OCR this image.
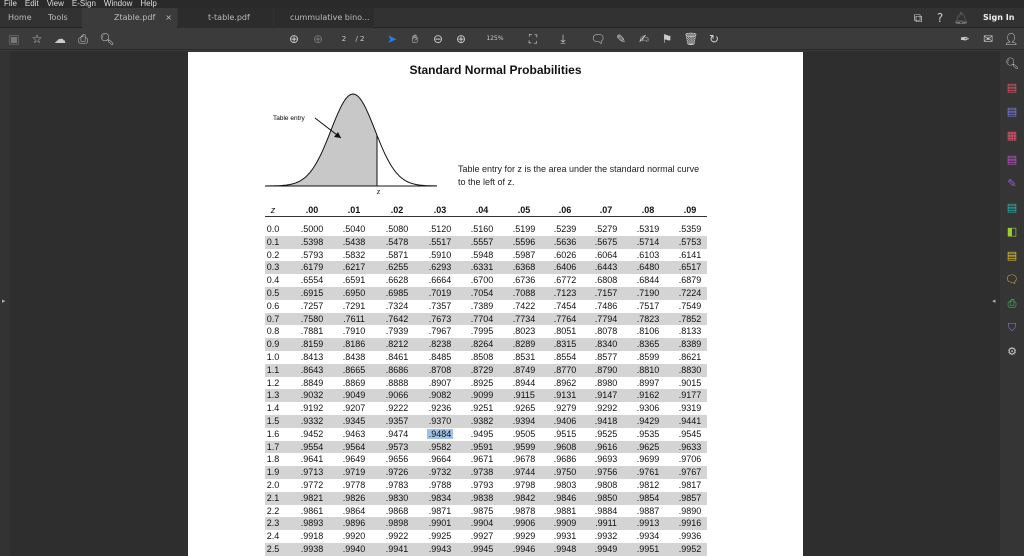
File Edit View E-Sign Window Help
Home Tools	Ztable.pdf ×	t-table.pdf	cummulative bino...	⧉	? 🔔︎ Sign In
▣ ☆ ☁ ⎙ 🔍︎	⊕ ⊕	2	/ 2 ➤	✋︎	⊖ ⊕	125%	⛶	⤓	🗨︎ ✎ ✍︎ ⚑ 🗑︎ ↻	✒ ✉ 👤︎
▸	◂
🔍︎
▤
▤
▦
▤
✎
▤
◧
▤
🗨︎
⎙
⛉
⚙
Standard Normal Probabilities
Table entry
z
Table entry for z is the area under the standard normal curve
to the left of z.
z	.00	.01	.02	.03	.04	.05	.06	.07	.08	.09
0.0	.5000	.5040	.5080	.5120	.5160	.5199	.5239	.5279	.5319	.5359
0.1	.5398	.5438	.5478	.5517	.5557	.5596	.5636	.5675	.5714	.5753
0.2	.5793	.5832	.5871	.5910	.5948	.5987	.6026	.6064	.6103	.6141
0.3	.6179	.6217	.6255	.6293	.6331	.6368	.6406	.6443	.6480	.6517
0.4	.6554	.6591	.6628	.6664	.6700	.6736	.6772	.6808	.6844	.6879
0.5	.6915	.6950	.6985	.7019	.7054	.7088	.7123	.7157	.7190	.7224
0.6	.7257	.7291	.7324	.7357	.7389	.7422	.7454	.7486	.7517	.7549
0.7	.7580	.7611	.7642	.7673	.7704	.7734	.7764	.7794	.7823	.7852
0.8	.7881	.7910	.7939	.7967	.7995	.8023	.8051	.8078	.8106	.8133
0.9	.8159	.8186	.8212	.8238	.8264	.8289	.8315	.8340	.8365	.8389
1.0	.8413	.8438	.8461	.8485	.8508	.8531	.8554	.8577	.8599	.8621
1.1	.8643	.8665	.8686	.8708	.8729	.8749	.8770	.8790	.8810	.8830
1.2	.8849	.8869	.8888	.8907	.8925	.8944	.8962	.8980	.8997	.9015
1.3	.9032	.9049	.9066	.9082	.9099	.9115	.9131	.9147	.9162	.9177
1.4	.9192	.9207	.9222	.9236	.9251	.9265	.9279	.9292	.9306	.9319
1.5	.9332	.9345	.9357	.9370	.9382	.9394	.9406	.9418	.9429	.9441
1.6	.9452	.9463	.9474	.9484	.9495	.9505	.9515	.9525	.9535	.9545
1.7	.9554	.9564	.9573	.9582	.9591	.9599	.9608	.9616	.9625	.9633
1.8	.9641	.9649	.9656	.9664	.9671	.9678	.9686	.9693	.9699	.9706
1.9	.9713	.9719	.9726	.9732	.9738	.9744	.9750	.9756	.9761	.9767
2.0	.9772	.9778	.9783	.9788	.9793	.9798	.9803	.9808	.9812	.9817
2.1	.9821	.9826	.9830	.9834	.9838	.9842	.9846	.9850	.9854	.9857
2.2	.9861	.9864	.9868	.9871	.9875	.9878	.9881	.9884	.9887	.9890
2.3	.9893	.9896	.9898	.9901	.9904	.9906	.9909	.9911	.9913	.9916
2.4	.9918	.9920	.9922	.9925	.9927	.9929	.9931	.9932	.9934	.9936
2.5	.9938	.9940	.9941	.9943	.9945	.9946	.9948	.9949	.9951	.9952
